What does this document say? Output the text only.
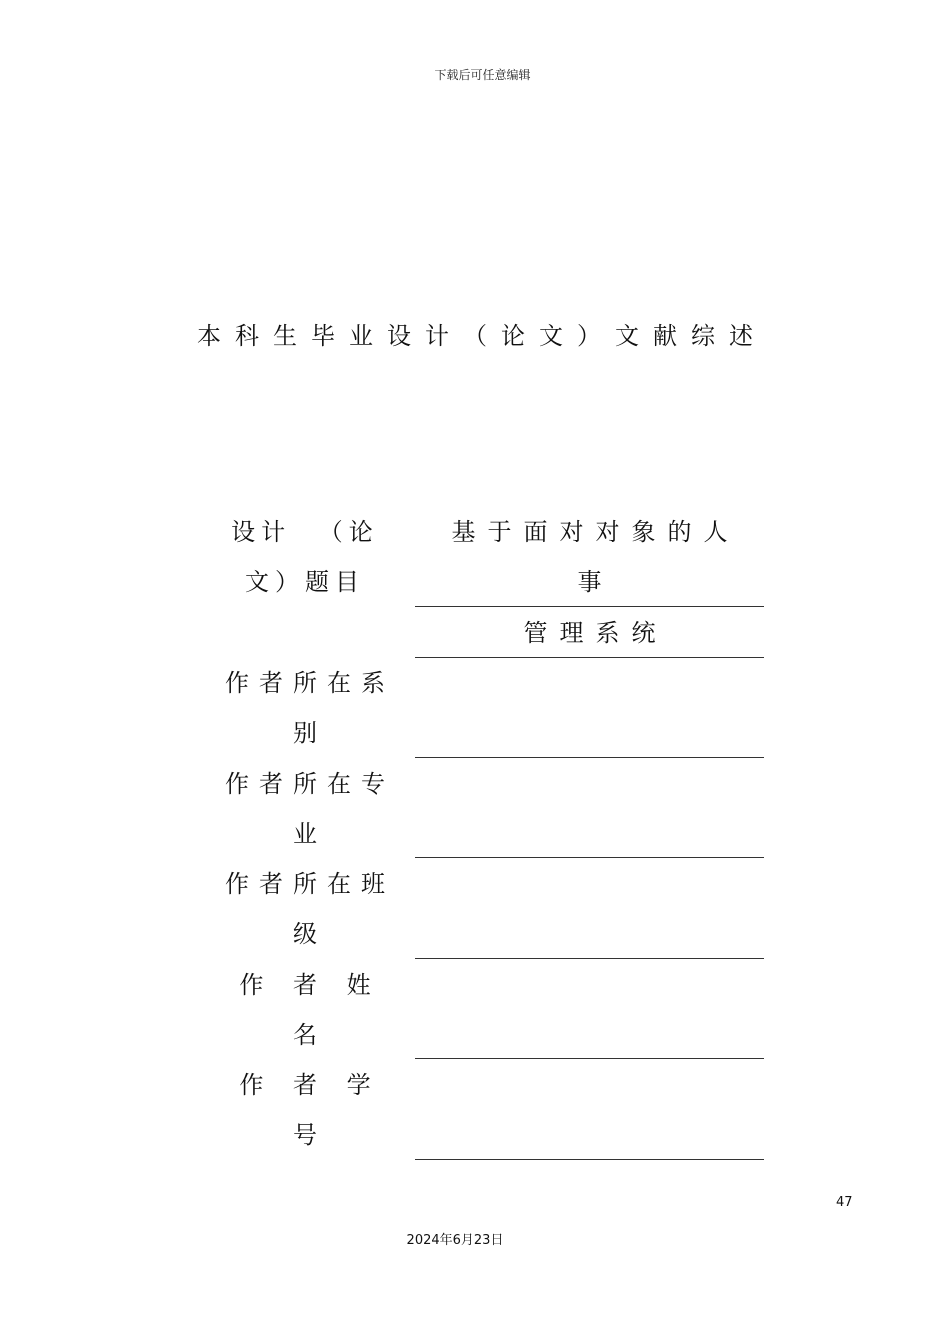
下载后可任意编辑
本科生毕业设计（论文）文献综述
设计 （论
文）题目
基于面对对象的人
事
管理系统
作者所在系
别
作者所在专
业
作者所在班
级
作 者 姓
名
作 者 学
号
47
2024年6月23日
